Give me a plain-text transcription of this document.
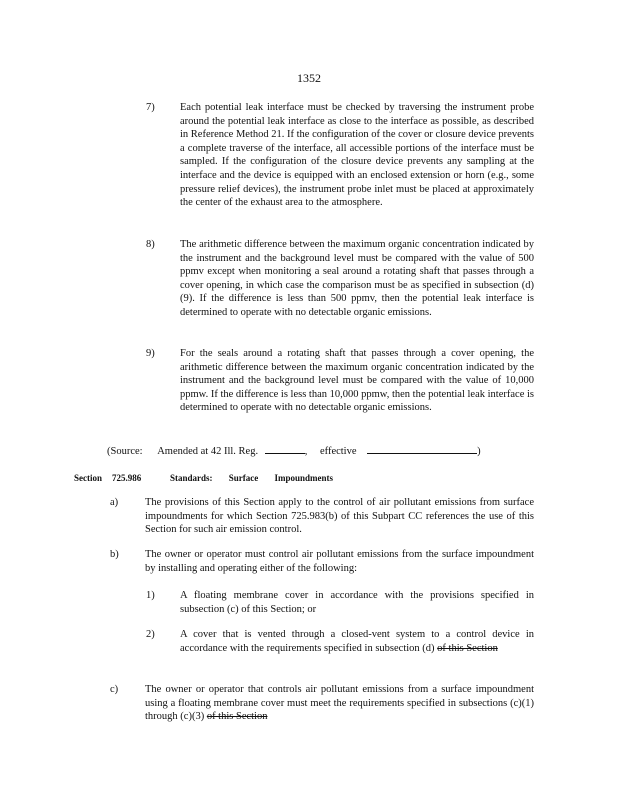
1352
7)	Each potential leak interface must be checked by traversing the instrument probe around the potential leak interface as close to the interface as possible, as described in Reference Method 21. If the configuration of the cover or closure device prevents a complete traverse of the interface, all accessible portions of the interface must be sampled. If the configuration of the closure device prevents any sampling at the interface and the device is equipped with an enclosed extension or horn (e.g., some pressure relief devices), the instrument probe inlet must be placed at approximately the center of the exhaust area to the atmosphere.
8)	The arithmetic difference between the maximum organic concentration indicated by the instrument and the background level must be compared with the value of 500 ppmv except when monitoring a seal around a rotating shaft that passes through a cover opening, in which case the comparison must be as specified in subsection (d)(9). If the difference is less than 500 ppmv, then the potential leak interface is determined to operate with no detectable organic emissions.
9)	For the seals around a rotating shaft that passes through a cover opening, the arithmetic difference between the maximum organic concentration indicated by the instrument and the background level must be compared with the value of 10,000 ppmw. If the difference is less than 10,000 ppmw, then the potential leak interface is determined to operate with no detectable organic emissions.
(Source: Amended at 42 Ill. Reg.	, effective	)
Section 725.986	Standards: Surface Impoundments
a)	The provisions of this Section apply to the control of air pollutant emissions from surface impoundments for which Section 725.983(b) of this Subpart CC references the use of this Section for such air emission control.
b)	The owner or operator must control air pollutant emissions from the surface impoundment by installing and operating either of the following:
1)	A floating membrane cover in accordance with the provisions specified in subsection (c) of this Section; or
2)	A cover that is vented through a closed-vent system to a control device in accordance with the requirements specified in subsection (d) of this Section
c)	The owner or operator that controls air pollutant emissions from a surface impoundment using a floating membrane cover must meet the requirements specified in subsections (c)(1) through (c)(3) of this Section
